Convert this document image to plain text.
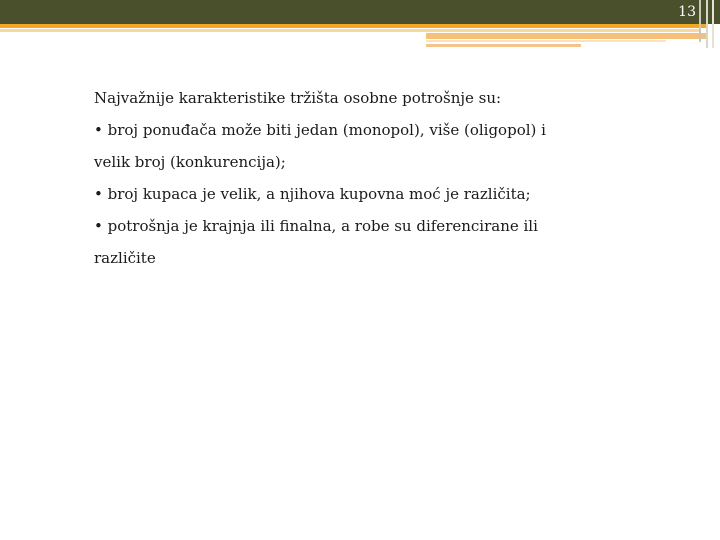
13

Najvažnije karakteristike tržišta osobne potrošnje su:

• broj ponuđača može biti jedan (monopol), više (oligopol) i

velik broj (konkurencija);

• broj kupaca je velik, a njihova kupovna moć je različita;

• potrošnja je krajnja ili finalna, a robe su diferencirane ili

različite
